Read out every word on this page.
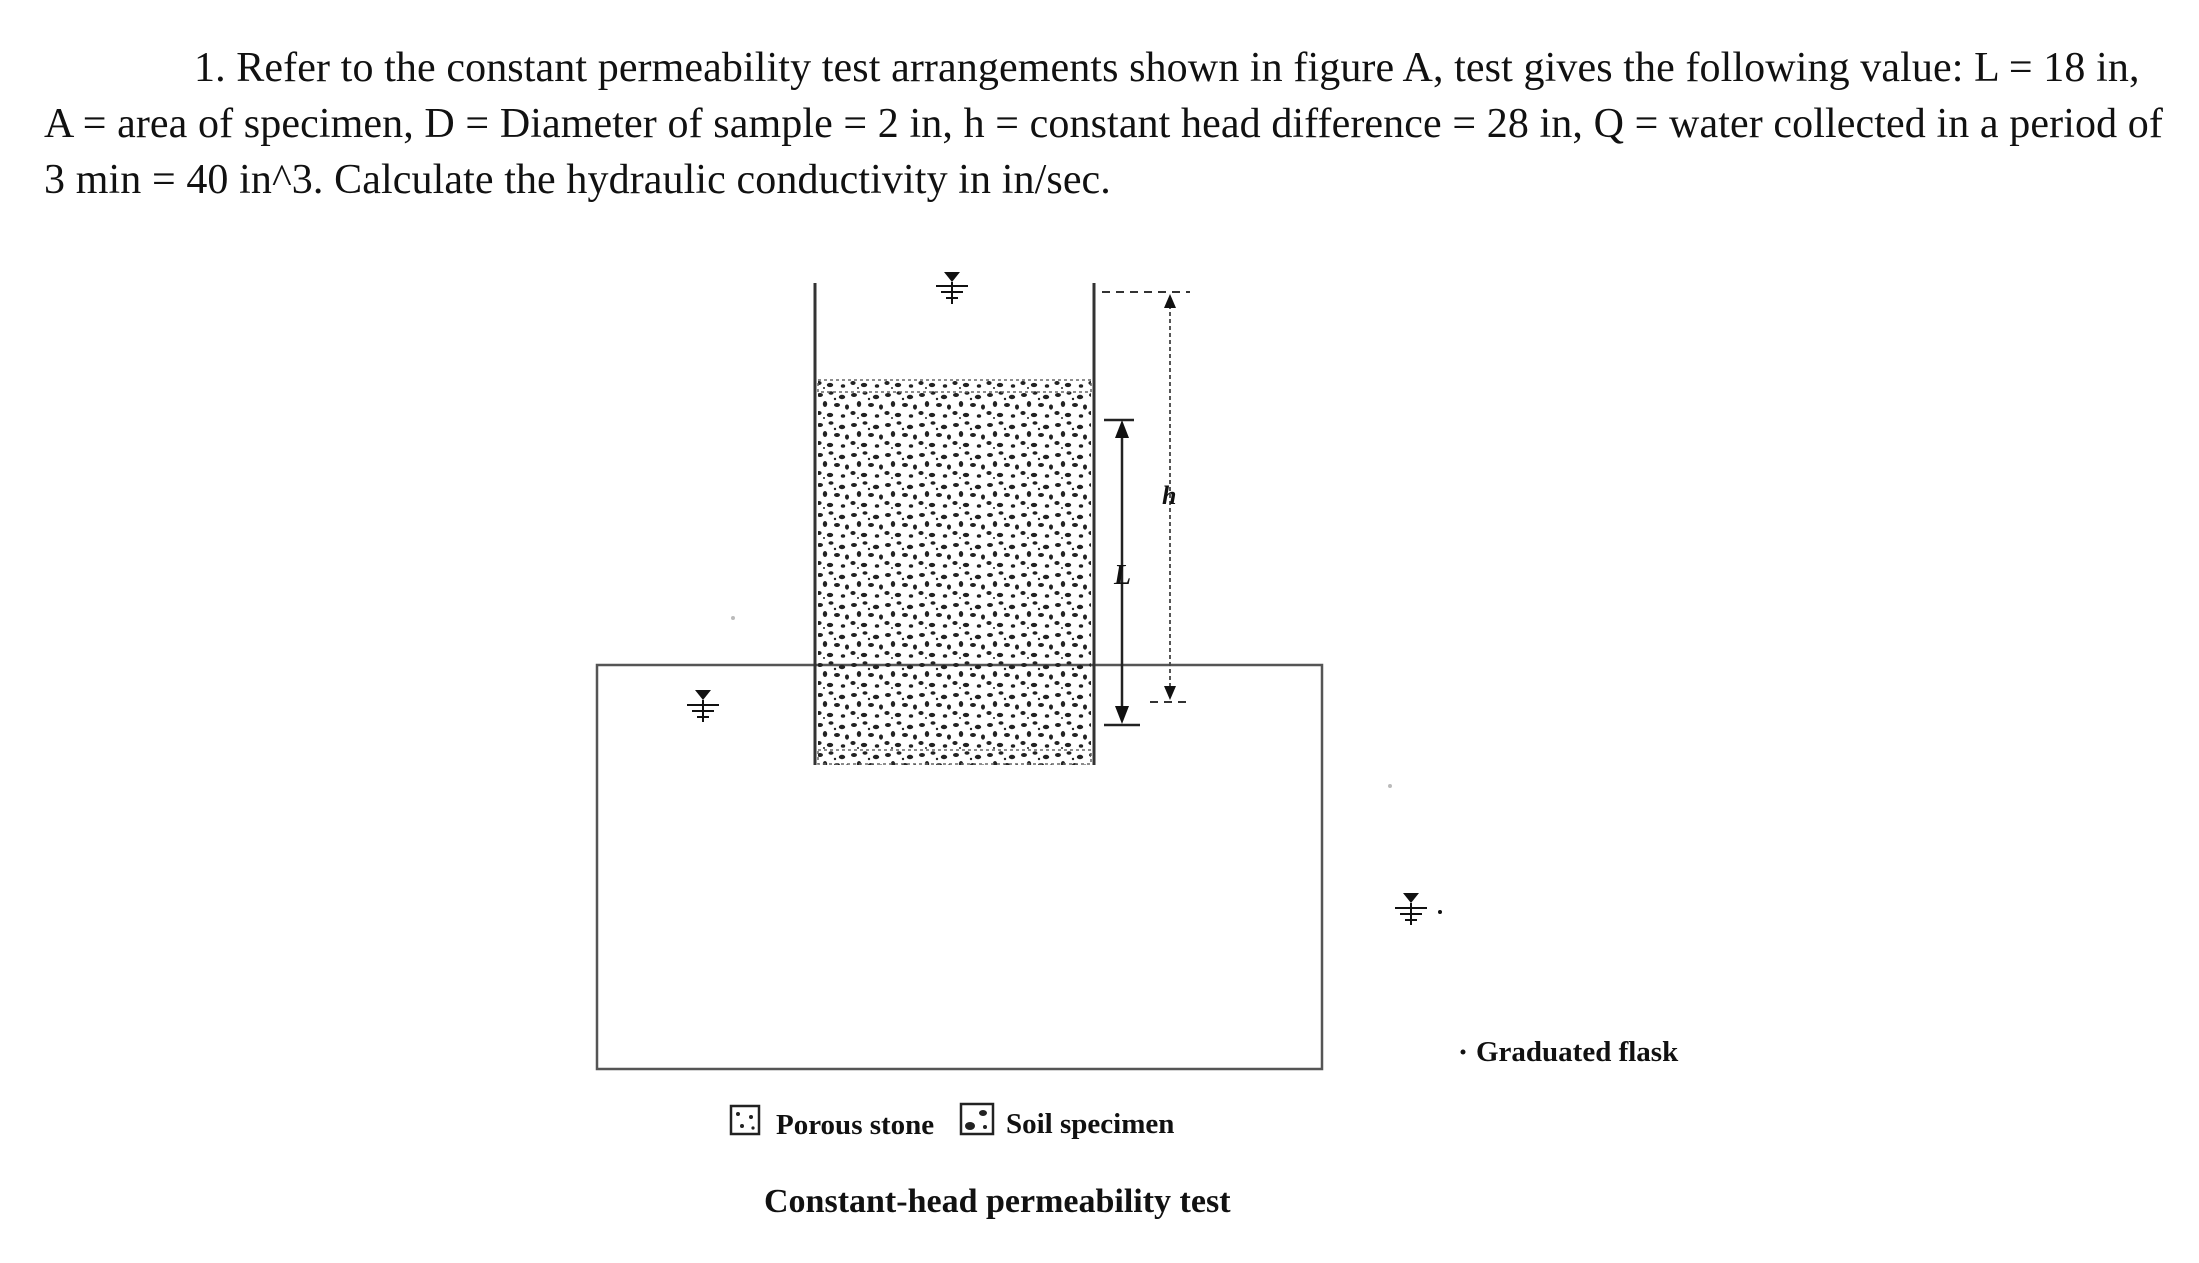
1. Refer to the constant permeability test arrangements shown in figure A, test gives the following value: L = 18 in, A = area of specimen, D = Diameter of sample = 2 in, h = constant head difference = 28 in, Q = water collected in a period of 3 min = 40 in^3. Calculate the hydraulic conductivity in in/sec.
h
L
Graduated flask
Porous stone Soil specimen
Constant-head permeability test
